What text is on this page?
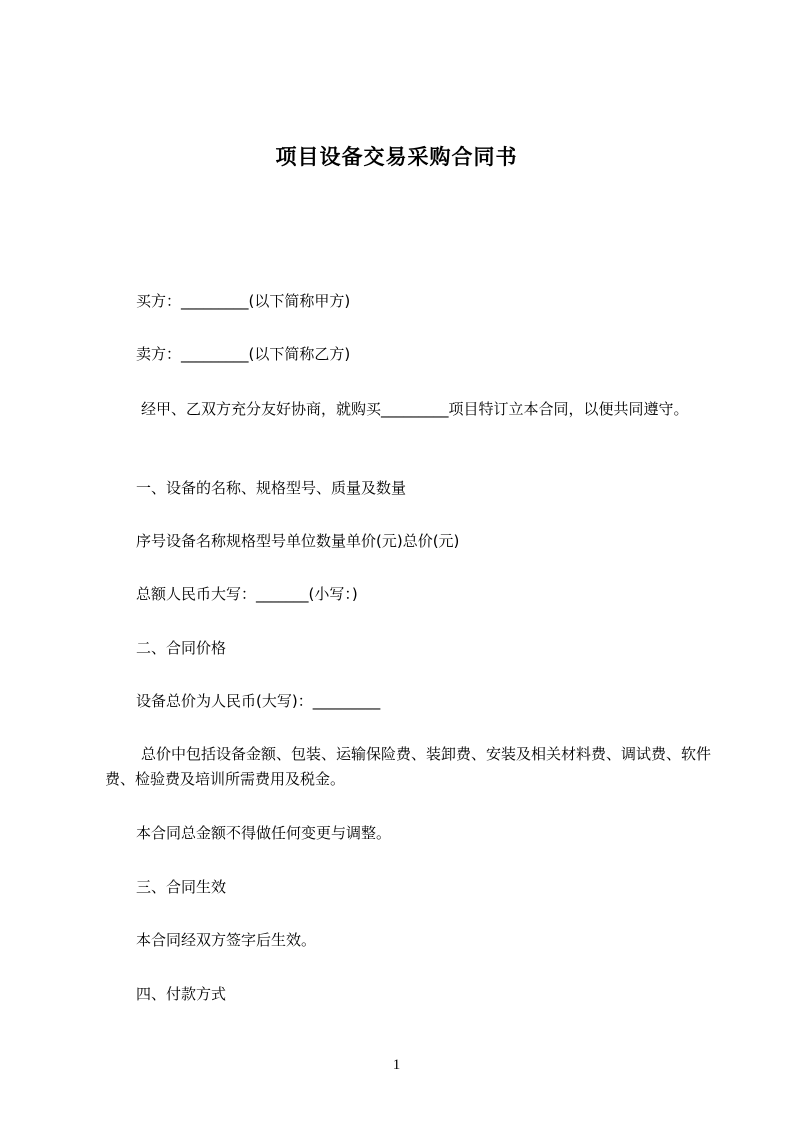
项目设备交易采购合同书
买方：_________(以下简称甲方)
卖方：_________(以下简称乙方)
经甲、乙双方充分友好协商，就购买_________项目特订立本合同，以便共同遵守。
一、设备的名称、规格型号、质量及数量
序号设备名称规格型号单位数量单价(元)总价(元)
总额人民币大写：_______(小写：)
二、合同价格
设备总价为人民币(大写)：_________
总价中包括设备金额、包装、运输保险费、装卸费、安装及相关材料费、调试费、软件费、检验费及培训所需费用及税金。
本合同总金额不得做任何变更与调整。
三、合同生效
本合同经双方签字后生效。
四、付款方式
1
